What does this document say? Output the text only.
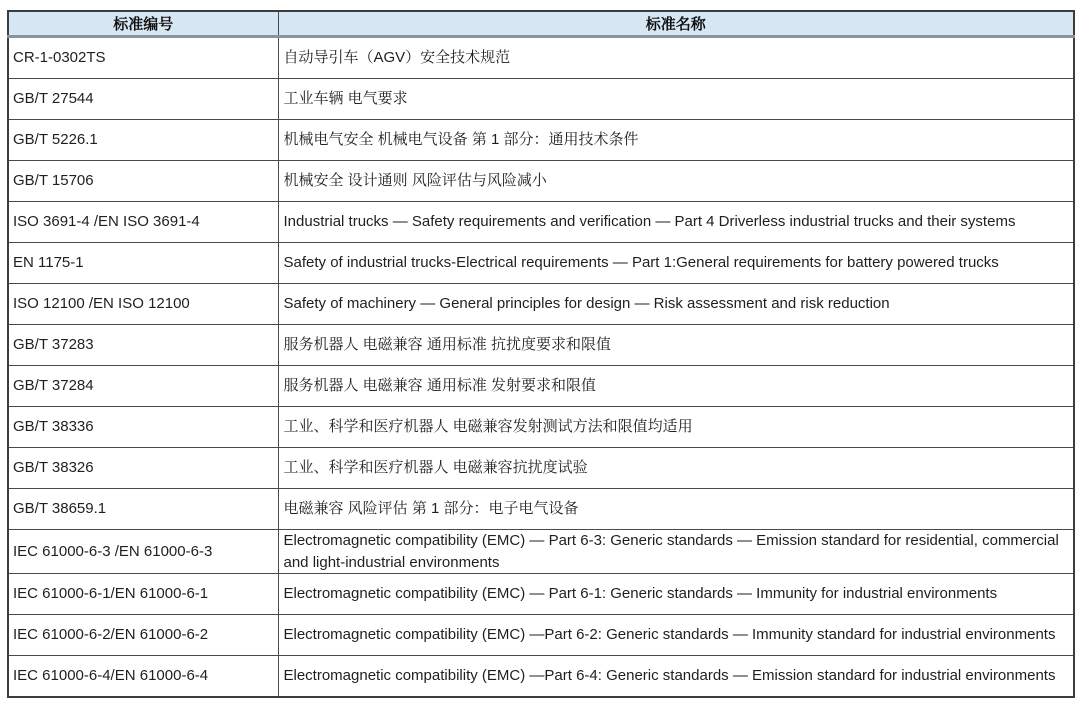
标准编号	标准名称
CR-1-0302TS	自动导引车（AGV）安全技术规范
GB/T 27544	工业车辆 电气要求
GB/T 5226.1	机械电气安全 机械电气设备 第 1 部分：通用技术条件
GB/T 15706	机械安全 设计通则 风险评估与风险减小
ISO 3691-4 /EN ISO 3691-4	Industrial trucks — Safety requirements and verification — Part 4 Driverless industrial trucks and their systems
EN 1175-1	Safety of industrial trucks-Electrical requirements — Part 1:General requirements for battery powered trucks
ISO 12100 /EN ISO 12100	Safety of machinery — General principles for design — Risk assessment and risk reduction
GB/T 37283	服务机器人 电磁兼容 通用标准 抗扰度要求和限值
GB/T 37284	服务机器人 电磁兼容 通用标准 发射要求和限值
GB/T 38336	工业、科学和医疗机器人 电磁兼容发射测试方法和限值均适用
GB/T 38326	工业、科学和医疗机器人 电磁兼容抗扰度试验
GB/T 38659.1	电磁兼容 风险评估 第 1 部分：电子电气设备
IEC 61000-6-3 /EN 61000-6-3	Electromagnetic compatibility (EMC) — Part 6-3: Generic standards — Emission standard for residential, commercial and light-industrial environments
IEC 61000-6-1/EN 61000-6-1	Electromagnetic compatibility (EMC) — Part 6-1: Generic standards — Immunity for industrial environments
IEC 61000-6-2/EN 61000-6-2	Electromagnetic compatibility (EMC) —Part 6-2: Generic standards — Immunity standard for industrial environments
IEC 61000-6-4/EN 61000-6-4	Electromagnetic compatibility (EMC) —Part 6-4: Generic standards — Emission standard for industrial environments
